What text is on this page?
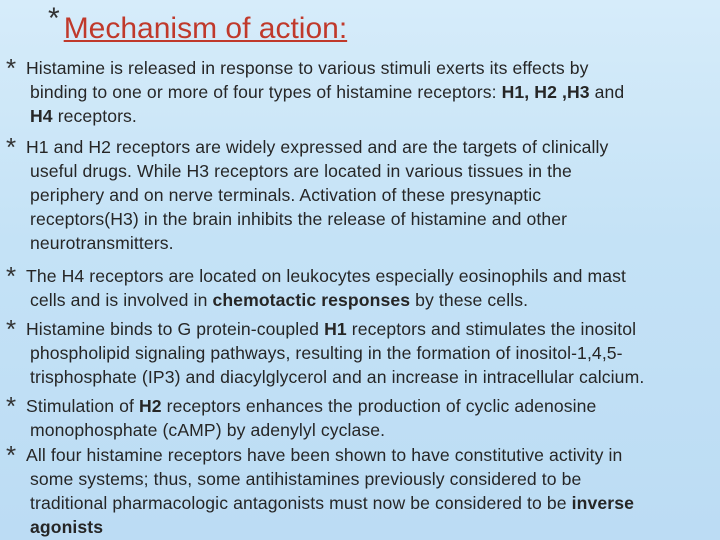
* Mechanism of action:
* Histamine is released in response to various stimuli exerts its effects by
binding to one or more of four types of histamine receptors: H1, H2 ,H3 and
H4 receptors.
* H1 and H2 receptors are widely expressed and are the targets of clinically
useful drugs. While H3 receptors are located in various tissues in the
periphery and on nerve terminals. Activation of these presynaptic
receptors(H3) in the brain inhibits the release of histamine and other
neurotransmitters.
* The H4 receptors are located on leukocytes especially eosinophils and mast
cells and is involved in chemotactic responses by these cells.
* Histamine binds to G protein-coupled H1 receptors and stimulates the inositol
phospholipid signaling pathways, resulting in the formation of inositol-1,4,5-
trisphosphate (IP3) and diacylglycerol and an increase in intracellular calcium.
* Stimulation of H2 receptors enhances the production of cyclic adenosine
monophosphate (cAMP) by adenylyl cyclase.
* All four histamine receptors have been shown to have constitutive activity in
some systems; thus, some antihistamines previously considered to be
traditional pharmacologic antagonists must now be considered to be inverse
agonists
